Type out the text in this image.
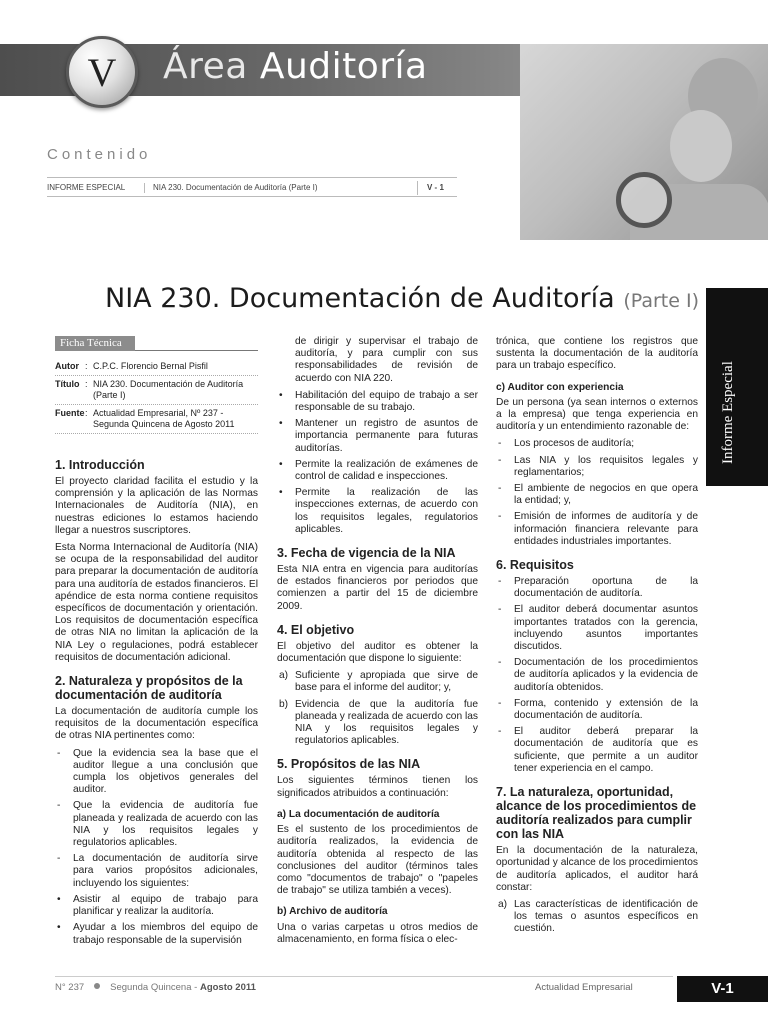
V Área Auditoría
Contenido
INFORME ESPECIAL	NIA 230. Documentación de Auditoría (Parte I)	V - 1
NIA 230. Documentación de Auditoría (Parte I)
Informe Especial
Ficha Técnica
Autor : C.P.C. Florencio Bernal Pisfil
Título : NIA 230. Documentación de Auditoría (Parte I)
Fuente : Actualidad Empresarial, Nº 237 - Segunda Quincena de Agosto 2011
1. Introducción

El proyecto claridad facilita el estudio y la comprensión y la aplicación de las Normas Internacionales de Auditoría (NIA), en nuestras ediciones lo estamos haciendo llegar a nuestros suscriptores.

Esta Norma Internacional de Auditoría (NIA) se ocupa de la responsabilidad del auditor para preparar la documentación de auditoría para una auditoría de estados financieros. El apéndice de esta norma contiene requisitos específicos de documentación y orientación. Los requisitos de documentación específica de otras NIA no limitan la aplicación de la NIA Ley o regulaciones, podrá establecer requisitos de documentación adicional.

2. Naturaleza y propósitos de la documentación de auditoría

La documentación de auditoría cumple los requisitos de la documentación específica de otras NIA pertinentes como:

- Que la evidencia sea la base que el auditor llegue a una conclusión que cumpla los objetivos generales del auditor.
- Que la evidencia de auditoría fue planeada y realizada de acuerdo con las NIA y los requisitos legales y regulatorios aplicables.
- La documentación de auditoría sirve para varios propósitos adicionales, incluyendo los siguientes:
• Asistir al equipo de trabajo para planificar y realizar la auditoría.
• Ayudar a los miembros del equipo de trabajo responsable de la supervisión

de dirigir y supervisar el trabajo de auditoría, y para cumplir con sus responsabilidades de revisión de acuerdo con NIA 220.

• Habilitación del equipo de trabajo a ser responsable de su trabajo.
• Mantener un registro de asuntos de importancia permanente para futuras auditorías.
• Permite la realización de exámenes de control de calidad e inspecciones.
• Permite la realización de las inspecciones externas, de acuerdo con los requisitos legales, regulatorios aplicables.
3. Fecha de vigencia de la NIA

Esta NIA entra en vigencia para auditorías de estados financieros por periodos que comienzen a partir del 15 de diciembre 2009.

4. El objetivo

El objetivo del auditor es obtener la documentación que dispone lo siguiente:

a) Suficiente y apropiada que sirve de base para el informe del auditor; y,
b) Evidencia de que la auditoría fue planeada y realizada de acuerdo con las NIA y los requisitos legales y regulatorios aplicables.
5. Propósitos de las NIA

Los siguientes términos tienen los significados atribuidos a continuación:

a) La documentación de auditoría

Es el sustento de los procedimientos de auditoría realizados, la evidencia de auditoría obtenida al respecto de las conclusiones del auditor (términos tales como "documentos de trabajo" o "papeles de trabajo" se utiliza también a veces).

b) Archivo de auditoría

Una o varias carpetas u otros medios de almacenamiento, en forma física o elec-

trónica, que contiene los registros que sustenta la documentación de la auditoría para un trabajo específico.

c) Auditor con experiencia

De un persona (ya sean internos o externos a la empresa) que tenga experiencia en auditoría y un entendimiento razonable de:

- Los procesos de auditoría;
- Las NIA y los requisitos legales y reglamentarios;
- El ambiente de negocios en que opera la entidad; y,
- Emisión de informes de auditoría y de información financiera relevante para entidades industriales importantes.
6. Requisitos
- Preparación oportuna de la documentación de auditoría.
- El auditor deberá documentar asuntos importantes tratados con la gerencia, incluyendo asuntos importantes discutidos.
- Documentación de los procedimientos de auditoría aplicados y la evidencia de auditoría obtenidos.
- Forma, contenido y extensión de la documentación de auditoría.
- El auditor deberá preparar la documentación de auditoría que es suficiente, que permite a un auditor tener experiencia en el campo.
7. La naturaleza, oportunidad, alcance de los procedimientos de auditoría realizados para cumplir con las NIA

En la documentación de la naturaleza, oportunidad y alcance de los procedimientos de auditoría aplicados, el auditor hará constar:

a) Las características de identificación de los temas o asuntos específicos en cuestión.
N° 237	Segunda Quincena - Agosto 2011	Actualidad Empresarial	V-1
